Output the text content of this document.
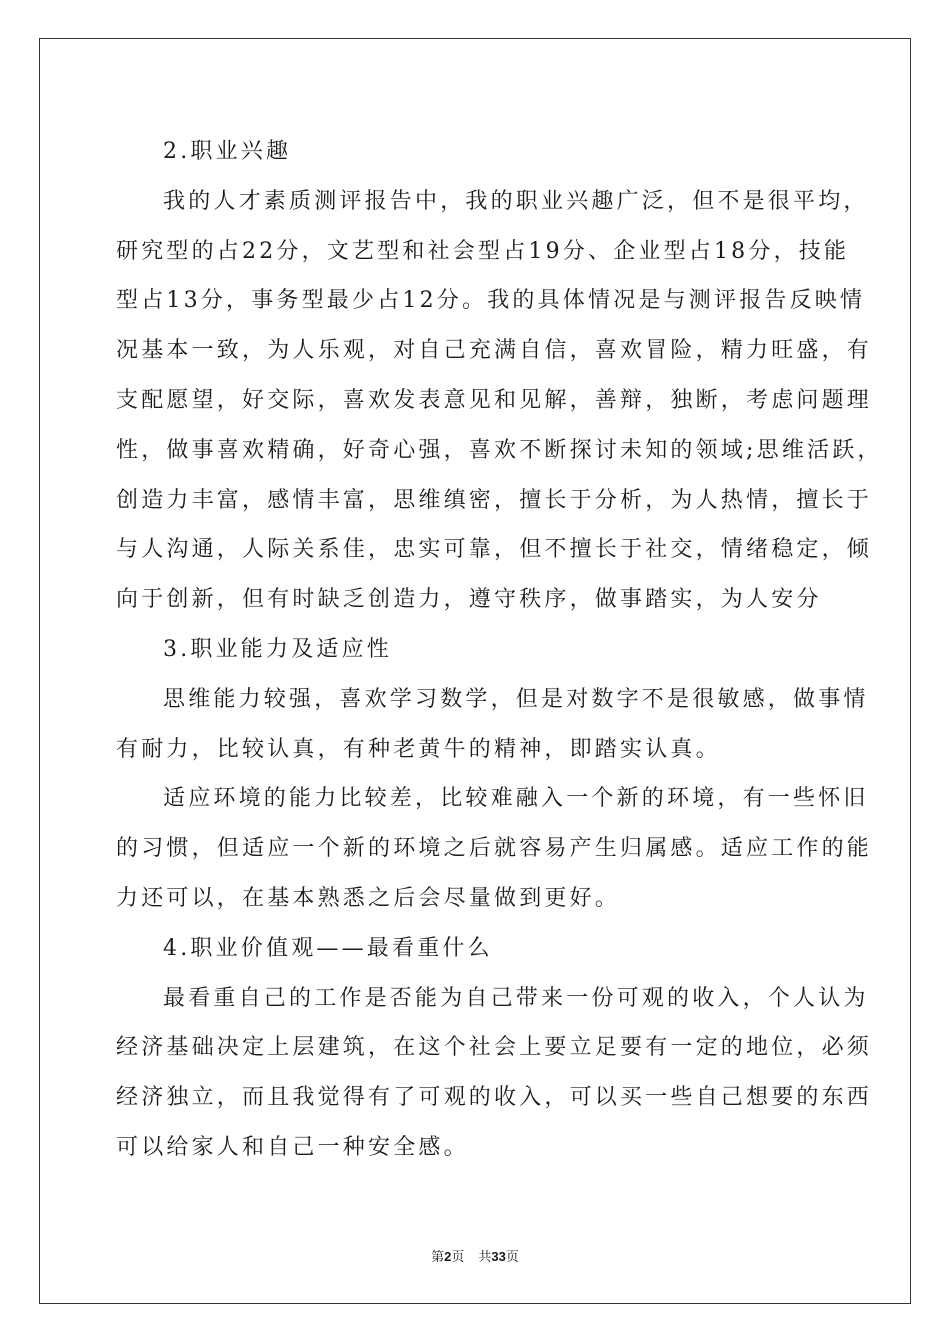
2.职业兴趣
我的人才素质测评报告中，我的职业兴趣广泛，但不是很平均，
研究型的占22分，文艺型和社会型占19分、企业型占18分，技能
型占13分，事务型最少占12分。我的具体情况是与测评报告反映情
况基本一致，为人乐观，对自己充满自信，喜欢冒险，精力旺盛，有
支配愿望，好交际，喜欢发表意见和见解，善辩，独断，考虑问题理
性，做事喜欢精确，好奇心强，喜欢不断探讨未知的领域;思维活跃，
创造力丰富，感情丰富，思维缜密，擅长于分析，为人热情，擅长于
与人沟通，人际关系佳，忠实可靠，但不擅长于社交，情绪稳定，倾
向于创新，但有时缺乏创造力，遵守秩序，做事踏实，为人安分
3.职业能力及适应性
思维能力较强，喜欢学习数学，但是对数字不是很敏感，做事情
有耐力，比较认真，有种老黄牛的精神，即踏实认真。
适应环境的能力比较差，比较难融入一个新的环境，有一些怀旧
的习惯，但适应一个新的环境之后就容易产生归属感。适应工作的能
力还可以，在基本熟悉之后会尽量做到更好。
4.职业价值观——最看重什么
最看重自己的工作是否能为自己带来一份可观的收入，个人认为
经济基础决定上层建筑，在这个社会上要立足要有一定的地位，必须
经济独立，而且我觉得有了可观的收入，可以买一些自己想要的东西
可以给家人和自己一种安全感。
第2页 共33页
